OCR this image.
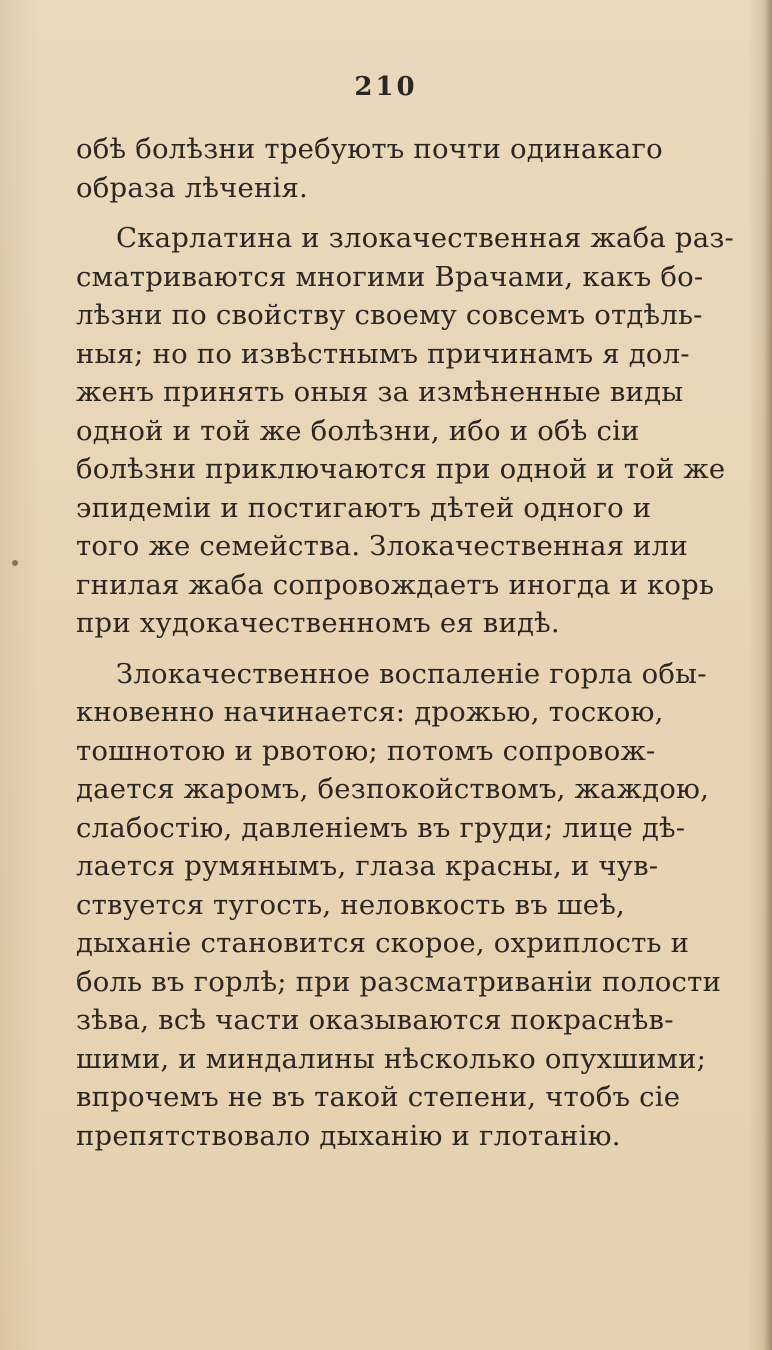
210
обѣ болѣзни требуютъ почти одинакаго
образа лѣченія.
Скарлатина и злокачественная жаба раз-
сматриваются многими Врачами, какъ бо-
лѣзни по свойству своему совсемъ отдѣль-
ныя; но по извѣстнымъ причинамъ я дол-
женъ принять оныя за измѣненные виды
одной и той же болѣзни, ибо и обѣ сіи
болѣзни приключаются при одной и той же
эпидеміи и постигаютъ дѣтей одного и
того же семейства. Злокачественная или
гнилая жаба сопровождаетъ иногда и корь
при худокачественномъ ея видѣ.
Злокачественное воспаленіе горла обы-
кновенно начинается: дрожью, тоскою,
тошнотою и рвотою; потомъ сопровож-
дается жаромъ, безпокойствомъ, жаждою,
слабостію, давленіемъ въ груди; лице дѣ-
лается румянымъ, глаза красны, и чув-
ствуется тугость, неловкость въ шеѣ,
дыханіе становится скорое, охриплость и
боль въ горлѣ; при разсматриваніи полости
зѣва, всѣ части оказываются покраснѣв-
шими, и миндалины нѣсколько опухшими;
впрочемъ не въ такой степени, чтобъ сіе
препятствовало дыханію и глотанію.
